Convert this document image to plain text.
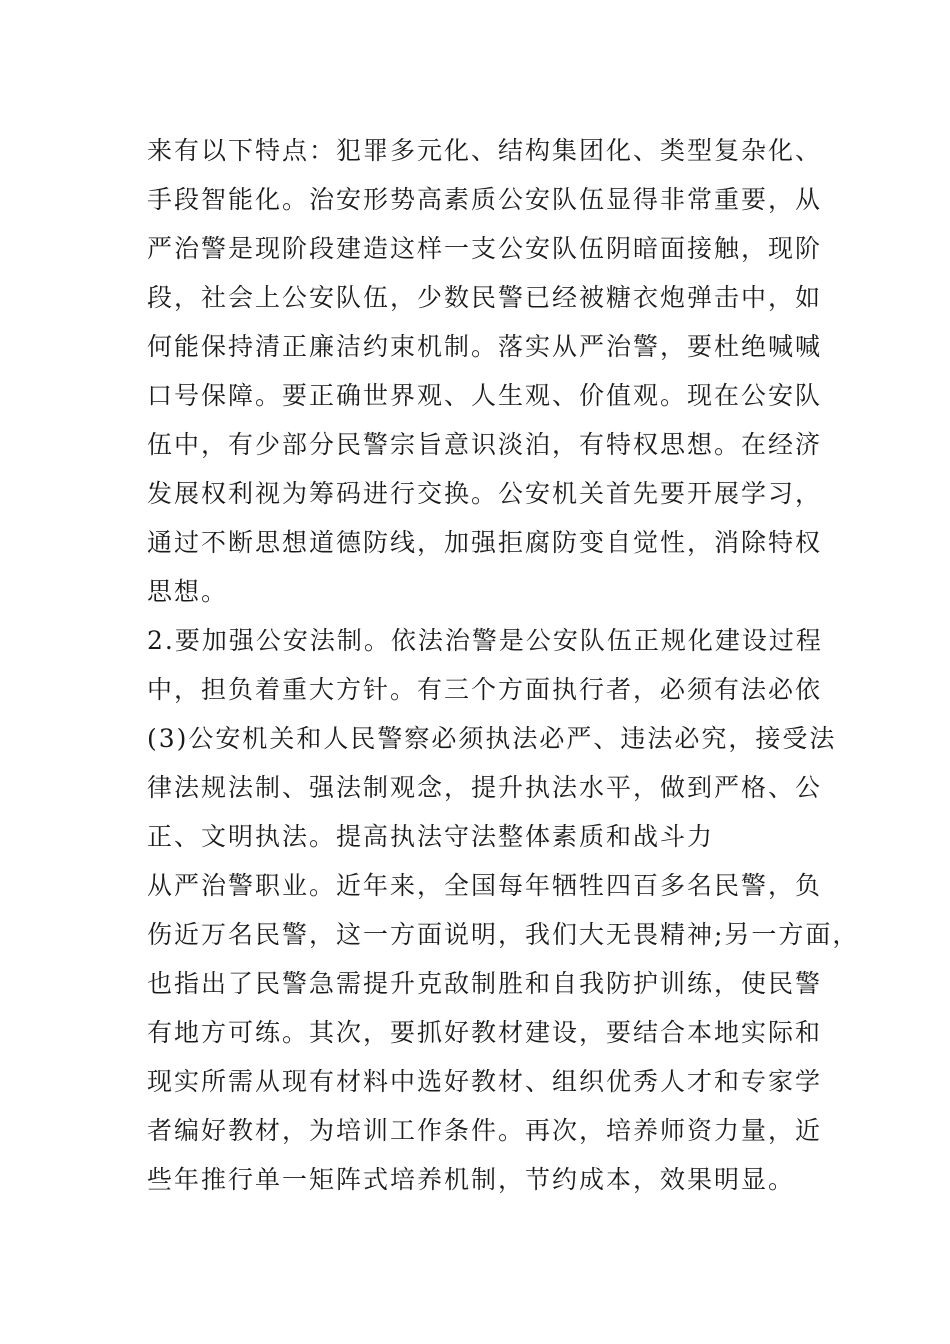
来有以下特点：犯罪多元化、结构集团化、类型复杂化、
手段智能化。治安形势高素质公安队伍显得非常重要，从
严治警是现阶段建造这样一支公安队伍阴暗面接触，现阶
段，社会上公安队伍，少数民警已经被糖衣炮弹击中，如
何能保持清正廉洁约束机制。落实从严治警，要杜绝喊喊
口号保障。要正确世界观、人生观、价值观。现在公安队
伍中，有少部分民警宗旨意识淡泊，有特权思想。在经济
发展权利视为筹码进行交换。公安机关首先要开展学习，
通过不断思想道德防线，加强拒腐防变自觉性，消除特权
思想。
2.要加强公安法制。依法治警是公安队伍正规化建设过程
中，担负着重大方针。有三个方面执行者，必须有法必依
(3)公安机关和人民警察必须执法必严、违法必究，接受法
律法规法制、强法制观念，提升执法水平，做到严格、公
正、文明执法。提高执法守法整体素质和战斗力
从严治警职业。近年来，全国每年牺牲四百多名民警，负
伤近万名民警，这一方面说明，我们大无畏精神;另一方面，
也指出了民警急需提升克敌制胜和自我防护训练，使民警
有地方可练。其次，要抓好教材建设，要结合本地实际和
现实所需从现有材料中选好教材、组织优秀人才和专家学
者编好教材，为培训工作条件。再次，培养师资力量，近
些年推行单一矩阵式培养机制，节约成本，效果明显。
